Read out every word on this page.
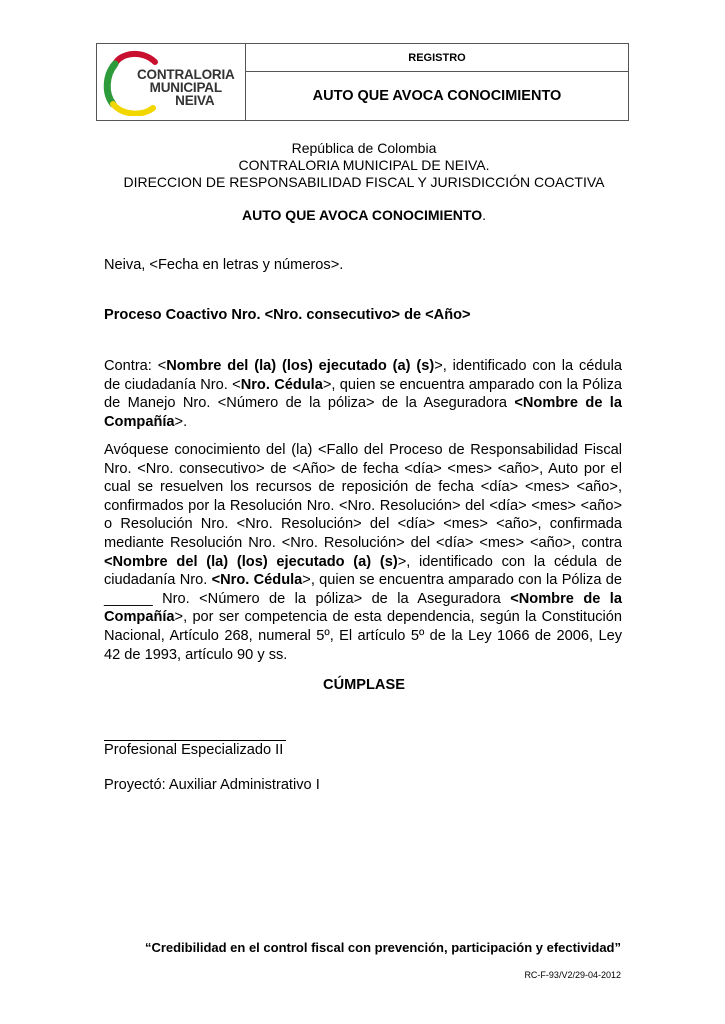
CONTRALORIA
MUNICIPAL
NEIVA
REGISTRO
AUTO QUE AVOCA CONOCIMIENTO
República de Colombia
CONTRALORIA MUNICIPAL DE NEIVA.
DIRECCION DE RESPONSABILIDAD FISCAL Y JURISDICCIÓN COACTIVA
AUTO QUE AVOCA CONOCIMIENTO.
Neiva, <Fecha en letras y números>.
Proceso Coactivo Nro. <Nro. consecutivo> de <Año>
Contra: <Nombre del (la) (los) ejecutado (a) (s)>, identificado con la cédula de ciudadanía Nro. <Nro. Cédula>, quien se encuentra amparado con la Póliza de Manejo Nro. <Número de la póliza> de la Aseguradora <Nombre de la Compañía>.
Avóquese conocimiento del (la) <Fallo del Proceso de Responsabilidad Fiscal Nro. <Nro. consecutivo> de <Año> de fecha <día> <mes> <año>, Auto por el cual se resuelven los recursos de reposición de fecha <día> <mes> <año>, confirmados por la Resolución Nro. <Nro. Resolución> del <día> <mes> <año> o Resolución Nro. <Nro. Resolución> del <día> <mes> <año>, confirmada mediante Resolución Nro. <Nro. Resolución> del <día> <mes> <año>, contra <Nombre del (la) (los) ejecutado (a) (s)>, identificado con la cédula de ciudadanía Nro. <Nro. Cédula>, quien se encuentra amparado con la Póliza de ______ Nro. <Número de la póliza> de la Aseguradora <Nombre de la Compañía>, por ser competencia de esta dependencia, según la Constitución Nacional, Artículo 268, numeral 5º, El artículo 5º de la Ley 1066 de 2006, Ley 42 de 1993, artículo 90 y ss.
CÚMPLASE
Profesional Especializado II
Proyectó: Auxiliar Administrativo I
“Credibilidad en el control fiscal con prevención, participación y efectividad”
RC-F-93/V2/29-04-2012
